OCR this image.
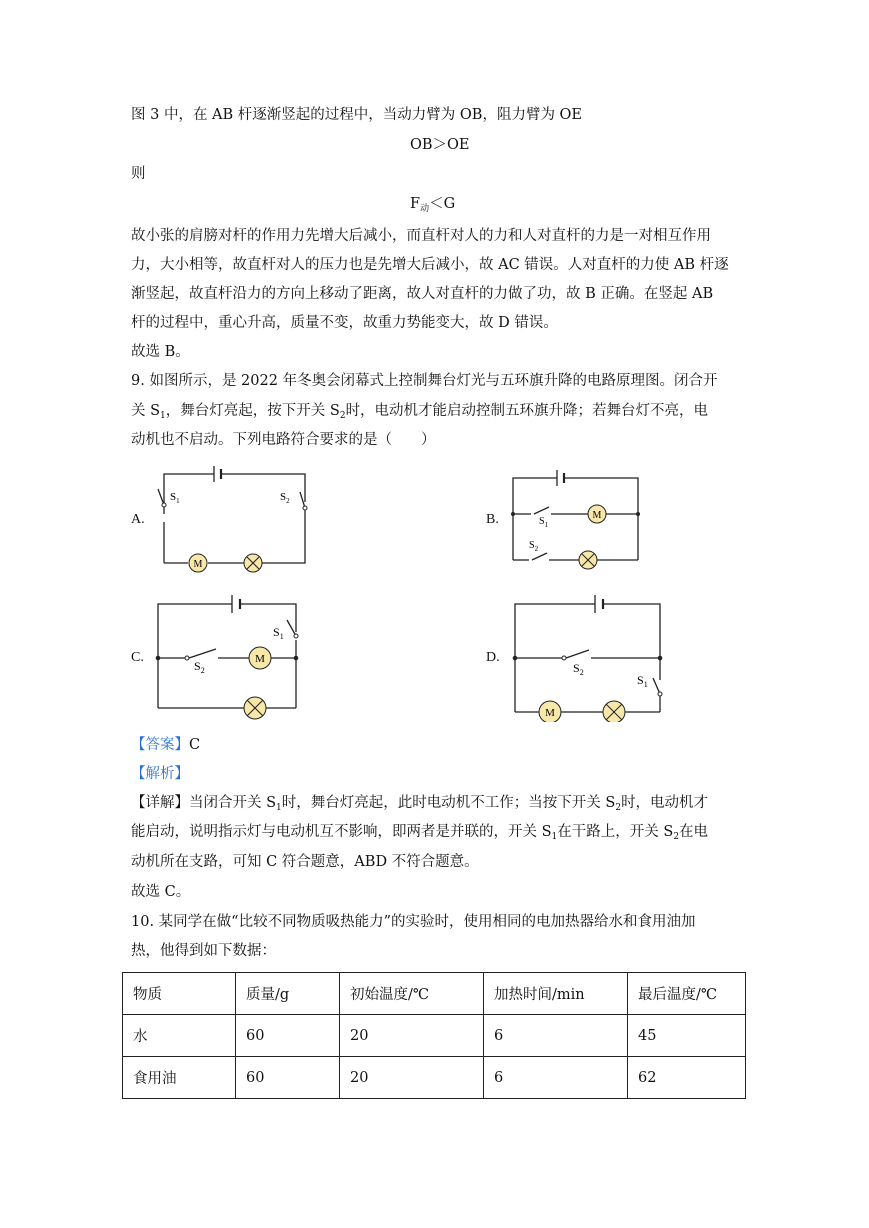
图 3 中，在 AB 杆逐渐竖起的过程中，当动力臂为 OB，阻力臂为 OE
OB＞OE
则
$F_动<G$
故小张的肩膀对杆的作用力先增大后减小，而直杆对人的力和人对直杆的力是一对相互作用
力，大小相等，故直杆对人的压力也是先增大后减小，故 AC 错误。人对直杆的力使 AB 杆逐
渐竖起，故直杆沿力的方向上移动了距离，故人对直杆的力做了功，故 B 正确。在竖起 AB
杆的过程中，重心升高，质量不变，故重力势能变大，故 D 错误。
故选 B。
9. 如图所示，是 2022 年冬奥会闭幕式上控制舞台灯光与五环旗升降的电路原理图。闭合开
关 $S_1$，舞台灯亮起，按下开关 $S_2$时，电动机才能启动控制五环旗升降；若舞台灯不亮，电
动机也不启动。下列电路符合要求的是（　　）
A.	B.
C.	D.
M
$S_1$	$S_2$
M
$S_1$
$S_2$
M
$S_2$
$S_1$
M
$S_2$
$S_1$
【答案】C
【解析】
【详解】当闭合开关 $S_1$时，舞台灯亮起，此时电动机不工作；当按下开关 $S_2$时，电动机才
能启动，说明指示灯与电动机互不影响，即两者是并联的，开关 $S_1$在干路上，开关 $S_2$在电
动机所在支路，可知 C 符合题意，ABD 不符合题意。
故选 C。
10. 某同学在做“比较不同物质吸热能力”的实验时，使用相同的电加热器给水和食用油加
热，他得到如下数据：
物质	质量/g	初始温度/℃	加热时间/min	最后温度/℃
水	60	20	6	45
食用油	60	20	6	62
